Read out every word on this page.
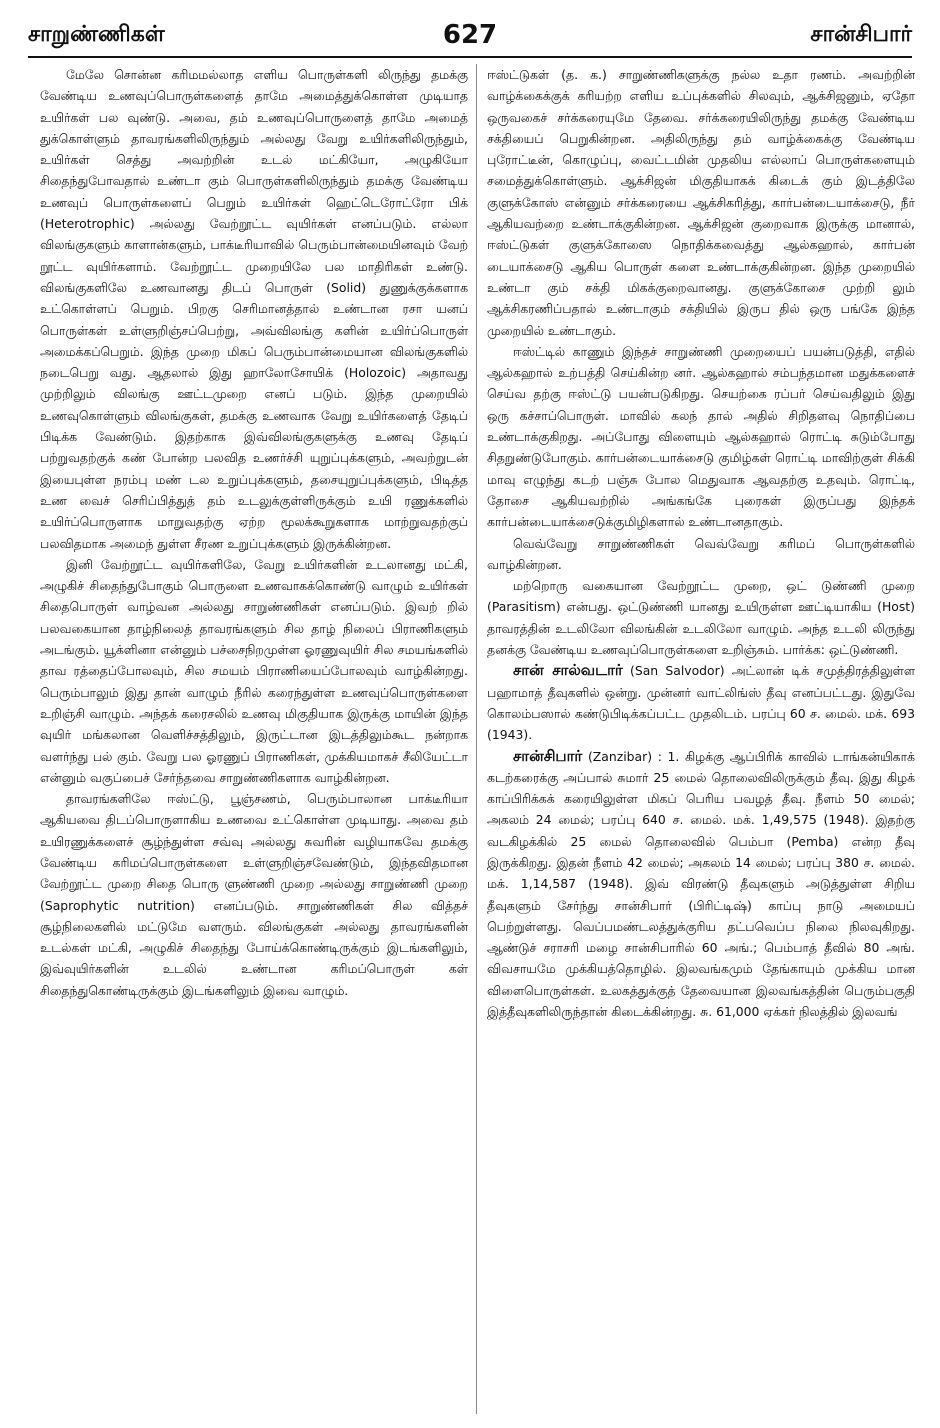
சாறுண்ணிகள்	627	சான்சிபார்

மேலே சொன்ன கரிமமல்லாத எளிய பொருள்களி லிருந்து தமக்கு வேண்டிய உணவுப்பொருள்களைத் தாமே அமைத்துக்கொள்ள முடியாத உயிர்கள் பல வுண்டு. அவை, தம் உணவுப்பொருளைத் தாமே அமைத் துக்கொள்ளும் தாவரங்களிலிருந்தும் அல்லது வேறு உயிர்களிலிருந்தும், உயிர்கள் செத்து அவற்றின் உடல் மட்கியோ, அழுகியோ சிதைந்துபோவதால் உண்டா கும் பொருள்களிலிருந்தும் தமக்கு வேண்டிய உணவுப் பொருள்களைப் பெறும் உயிர்கள் ஹெட்டெரோட்ரோ பிக் (Heterotrophic) அல்லது வேற்றூட்ட வுயிர்கள் எனப்படும். எல்லா விலங்குகளும் காளான்களும், பாக்டீரியாவில் பெரும்பான்மையினவும் வேற் றூட்ட வுயிர்களாம். வேற்றூட்ட முறையிலே பல மாதிரிகள் உண்டு. விலங்குகளிலே உணவானது திடப் பொருள் (Solid) துணுக்குக்களாக உட்கொள்ளப் பெறும். பிறகு செரிமானத்தால் உண்டான ரசா யனப் பொருள்கள் உள்ளுறிஞ்சப்பெற்று, அவ்விலங்கு களின் உயிர்ப்பொருள் அமைக்கப்பெறும். இந்த முறை மிகப் பெரும்பான்மையான விலங்குகளில் நடைபெறு வது. ஆதலால் இது ஹாலோசோயிக் (Holozoic) அதாவது முற்றிலும் விலங்கு ஊட்டமுறை எனப் படும். இந்த முறையில் உணவுகொள்ளும் விலங்குகள், தமக்கு உணவாக வேறு உயிர்களைத் தேடிப் பிடிக்க வேண்டும். இதற்காக இவ்விலங்குகளுக்கு உணவு தேடிப் பற்றுவதற்குக் கண் போன்ற பலவித உணர்ச்சி யுறுப்புக்களும், அவற்றுடன் இயைபுள்ள நரம்பு மண் டல உறுப்புக்களும், தசையுறுப்புக்களும், பிடித்த உண வைச் செரிப்பித்துத் தம் உடலுக்குள்ளிருக்கும் உயி ரணுக்களில் உயிர்ப்பொருளாக மாறுவதற்கு ஏற்ற மூலக்கூறுகளாக மாற்றுவதற்குப் பலவிதமாக அமைந் துள்ள சீரண உறுப்புக்களும் இருக்கின்றன.

இனி வேற்றூட்ட வுயிர்களிலே, வேறு உயிர்களின் உடலானது மட்கி, அழுகிச் சிதைந்துபோகும் பொருளை உணவாகக்கொண்டு வாழும் உயிர்கள் சிதைபொருள் வாழ்வன அல்லது சாறுண்ணிகள் எனப்படும். இவற் றில் பலவகையான தாழ்நிலைத் தாவரங்களும் சில தாழ் நிலைப் பிராணிகளும் அடங்கும். யூக்ளினா என்னும் பச்சைநிறமுள்ள ஓரணுவுயிர் சில சமயங்களில் தாவ ரத்தைப்போலவும், சில சமயம் பிராணியைப்போலவும் வாழ்கின்றது. பெரும்பாலும் இது தான் வாழும் நீரில் கரைந்துள்ள உணவுப்பொருள்களை உறிஞ்சி வாழும். அந்தக் கரைசலில் உணவு மிகுதியாக இருக்கு மாயின் இந்த வுயிர் மங்கலான வெளிச்சத்திலும், இருட்டான இடத்திலும்கூட நன்றாக வளர்ந்து பல் கும். வேறு பல ஓரணுப் பிராணிகள், முக்கியமாகச் சீலியேட்டா என்னும் வகுப்பைச் சேர்ந்தவை சாறுண்ணிகளாக வாழ்கின்றன.

தாவரங்களிலே ஈஸ்ட்டு, பூஞ்சணம், பெரும்பாலான பாக்டீரியா ஆகியவை திடப்பொருளாகிய உணவை உட்கொள்ள முடியாது. அவை தம் உயிரணுக்களைச் சூழ்ந்துள்ள சவ்வு அல்லது சுவரின் வழியாகவே தமக்கு வேண்டிய கரிமப்பொருள்களை உள்ளுறிஞ்சவேண்டும், இந்தவிதமான வேற்றூட்ட முறை சிதை பொரு ளுண்ணி முறை அல்லது சாறுண்ணி முறை (Saprophytic nutrition) எனப்படும். சாறுண்ணிகள் சில வித்தச் சூழ்நிலைகளில் மட்டுமே வளரும். விலங்குகள் அல்லது தாவரங்களின் உடல்கள் மட்கி, அழுகிச் சிதைந்து போய்க்கொண்டிருக்கும் இடங்களிலும், இவ்வுயிர்களின் உடலில் உண்டான கரிமப்பொருள் கள் சிதைந்துகொண்டிருக்கும் இடங்களிலும் இவை வாழும்.

ஈஸ்ட்டுகள் (த. க.) சாறுண்ணிகளுக்கு நல்ல உதா ரணம். அவற்றின் வாழ்க்கைக்குக் கரியற்ற எளிய உப்புக்களில் சிலவும், ஆக்சிஜனும், ஏதோ ஒருவகைச் சர்க்கரையுமே தேவை. சர்க்கரையிலிருந்து தமக்கு வேண்டிய சக்தியைப் பெறுகின்றன. அதிலிருந்து தம் வாழ்க்கைக்கு வேண்டிய புரோட்டீன், கொழுப்பு, வைட்டமின் முதலிய எல்லாப் பொருள்களையும் சமைத்துக்கொள்ளும். ஆக்சிஜன் மிகுதியாகக் கிடைக் கும் இடத்திலே குளுக்கோஸ் என்னும் சர்க்கரையை ஆக்சிகரித்து, கார்பன்டையாக்சைடு, நீர் ஆகியவற்றை உண்டாக்குகின்றன. ஆக்சிஜன் குறைவாக இருக்கு மானால், ஈஸ்ட்டுகள் குளுக்கோஸை நொதிக்கவைத்து ஆல்கஹால், கார்பன் டையாக்சைடு ஆகிய பொருள் களை உண்டாக்குகின்றன. இந்த முறையில் உண்டா கும் சக்தி மிகக்குறைவானது. குளுக்கோசை முற்றி லும் ஆக்சிகரணிப்பதால் உண்டாகும் சக்தியில் இருப தில் ஒரு பங்கே இந்த முறையில் உண்டாகும்.

ஈஸ்ட்டில் காணும் இந்தச் சாறுண்ணி முறையைப் பயன்படுத்தி, எதில் ஆல்கஹால் உற்பத்தி செய்கின்ற னர். ஆல்கஹால் சம்பந்தமான மதுக்களைச் செய்வ தற்கு ஈஸ்ட்டு பயன்படுகிறது. செயற்கை ரப்பர் செய்வதிலும் இது ஒரு கச்சாப்பொருள். மாவில் கலந் தால் அதில் சிறிதளவு நொதிப்பை உண்டாக்குகிறது. அப்போது விளையும் ஆல்கஹால் ரொட்டி சுடும்போது சிதறுண்டுபோகும். கார்பன்டையாக்சைடு குமிழ்கள் ரொட்டி மாவிற்குள் சிக்கி மாவு எழுந்து கடற் பஞ்சு போல மெதுவாக ஆவதற்கு உதவும். ரொட்டி, தோசை ஆகியவற்றில் அங்கங்கே புரைகள் இருப்பது இந்தக் கார்பன்டையாக்சைடுக்குமிழிகளால் உண்டானதாகும்.

வெவ்வேறு சாறுண்ணிகள் வெவ்வேறு கரிமப் பொருள்களில் வாழ்கின்றன.

மற்றொரு வகையான வேற்றூட்ட முறை, ஒட் டுண்ணி முறை (Parasitism) என்பது. ஒட்டுண்ணி யானது உயிருள்ள ஊட்டியாகிய (Host) தாவரத்தின் உடலிலோ விலங்கின் உடலிலோ வாழும். அந்த உடலி லிருந்து தனக்கு வேண்டிய உணவுப்பொருள்களை உறிஞ்சும். பார்க்க: ஒட்டுண்ணி.

சான் சால்வடார் (San Salvodor) அட்லான் டிக் சமுத்திரத்திலுள்ள பஹாமாத் தீவுகளில் ஒன்று. முன்னர் வாட்லிங்ஸ் தீவு எனப்பட்டது. இதுவே கொலம்பஸால் கண்டுபிடிக்கப்பட்ட முதலிடம். பரப்பு 60 ச. மைல். மக். 693 (1943).

சான்சிபார் (Zanzibar) : 1. கிழக்கு ஆப்பிரிக் காவில் டாங்கன்யிகாக் கடற்கரைக்கு அப்பால் சுமார் 25 மைல் தொலைவிலிருக்கும் தீவு. இது கிழக் காப்பிரிக்கக் கரையிலுள்ள மிகப் பெரிய பவழத் தீவு. நீளம் 50 மைல்; அகலம் 24 மைல்; பரப்பு 640 ச. மைல். மக். 1,49,575 (1948). இதற்கு வடகிழக்கில் 25 மைல் தொலைவில் பெம்பா (Pemba) என்ற தீவு இருக்கிறது. இதன் நீளம் 42 மைல்; அகலம் 14 மைல்; பரப்பு 380 ச. மைல். மக். 1,14,587 (1948). இவ் விரண்டு தீவுகளும் அடுத்துள்ள சிறிய தீவுகளும் சேர்ந்து சான்சிபார் (பிரிட்டிஷ்) காப்பு நாடு அமையப் பெற்றுள்ளது. வெப்பமண்டலத்துக்குரிய தட்பவெப்ப நிலை நிலவுகிறது. ஆண்டுச் சராசரி மழை சான்சிபாரில் 60 அங்.; பெம்பாத் தீவில் 80 அங். விவசாயமே முக்கியத்தொழில். இலவங்கமும் தேங்காயும் முக்கிய மான விளைபொருள்கள். உலகத்துக்குத் தேவையான இலவங்கத்தின் பெரும்பகுதி இத்தீவுகளிலிருந்தான் கிடைக்கின்றது. சு. 61,000 ஏக்கர் நிலத்தில் இலவங்
